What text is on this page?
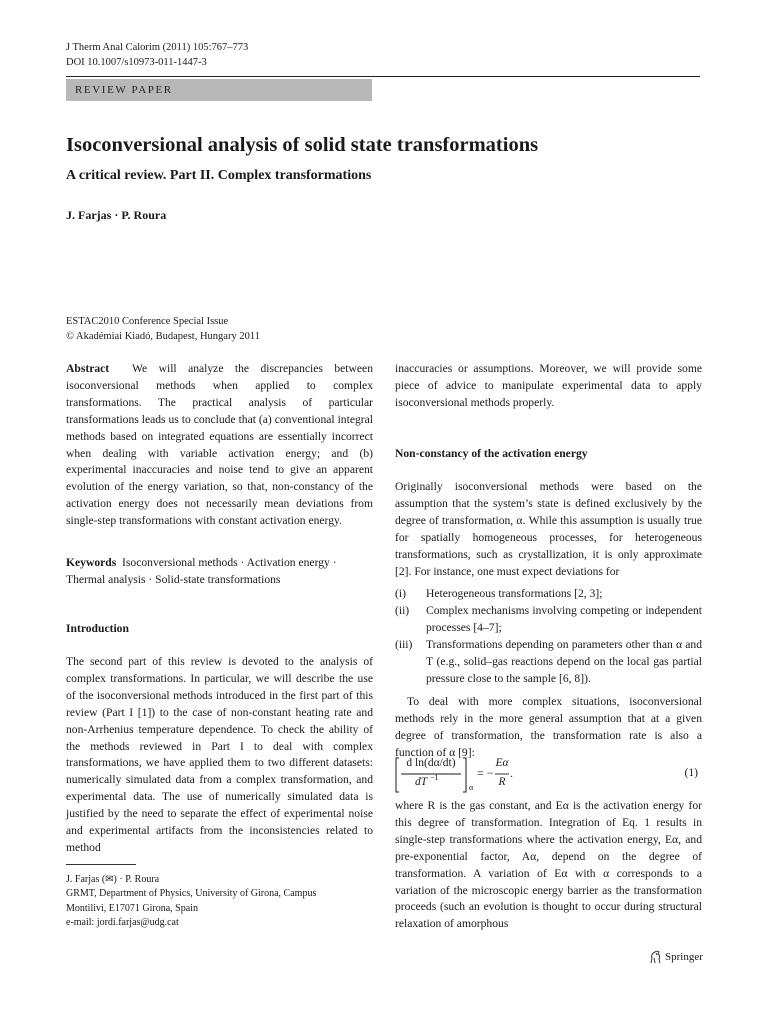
J Therm Anal Calorim (2011) 105:767–773
DOI 10.1007/s10973-011-1447-3
REVIEW PAPER
Isoconversional analysis of solid state transformations
A critical review. Part II. Complex transformations
J. Farjas · P. Roura
ESTAC2010 Conference Special Issue
© Akadémiai Kiadó, Budapest, Hungary 2011

Abstract We will analyze the discrepancies between isoconversional methods when applied to complex transformations. The practical analysis of particular transformations leads us to conclude that (a) conventional integral methods based on integrated equations are essentially incorrect when dealing with variable activation energy; and (b) experimental inaccuracies and noise tend to give an apparent evolution of the energy variation, so that, non-constancy of the activation energy does not necessarily mean deviations from single-step transformations with constant activation energy.

Keywords Isoconversional methods · Activation energy · Thermal analysis · Solid-state transformations

Introduction

The second part of this review is devoted to the analysis of complex transformations. In particular, we will describe the use of the isoconversional methods introduced in the first part of this review (Part I [1]) to the case of non-constant heating rate and non-Arrhenius temperature dependence. To check the ability of the methods reviewed in Part I to deal with complex transformations, we have applied them to two different datasets: numerically simulated data from a complex transformation, and experimental data. The use of numerically simulated data is justified by the need to separate the effect of experimental noise and experimental artifacts from the inconsistencies related to method

J. Farjas (✉) · P. Roura
GRMT, Department of Physics, University of Girona, Campus
Montilivi, E17071 Girona, Spain
e-mail: jordi.farjas@udg.cat

inaccuracies or assumptions. Moreover, we will provide some piece of advice to manipulate experimental data to apply isoconversional methods properly.

Non-constancy of the activation energy

Originally isoconversional methods were based on the assumption that the system’s state is defined exclusively by the degree of transformation, α. While this assumption is usually true for spatially homogeneous processes, for heterogeneous transformations, such as crystallization, it is only approximate [2]. For instance, one must expect deviations for

(i)	Heterogeneous transformations [2, 3];
(ii)	Complex mechanisms involving competing or independent processes [4–7];
(iii)	Transformations depending on parameters other than α and T (e.g., solid–gas reactions depend on the local gas partial pressure close to the sample [6, 8]).

To deal with more complex situations, isoconversional methods rely in the more general assumption that at a given degree of transformation, the transformation rate is also a function of α [9]:

d ln(dα/dt)
dT −1
α
= −
Eα
R
.	(1)

where R is the gas constant, and Eα is the activation energy for this degree of transformation. Integration of Eq. 1 results in single-step transformations where the activation energy, Eα, and pre-exponential factor, Aα, depend on the degree of transformation. A variation of Eα with α corresponds to a variation of the microscopic energy barrier as the transformation proceeds (such an evolution is thought to occur during structural relaxation of amorphous

Springer
